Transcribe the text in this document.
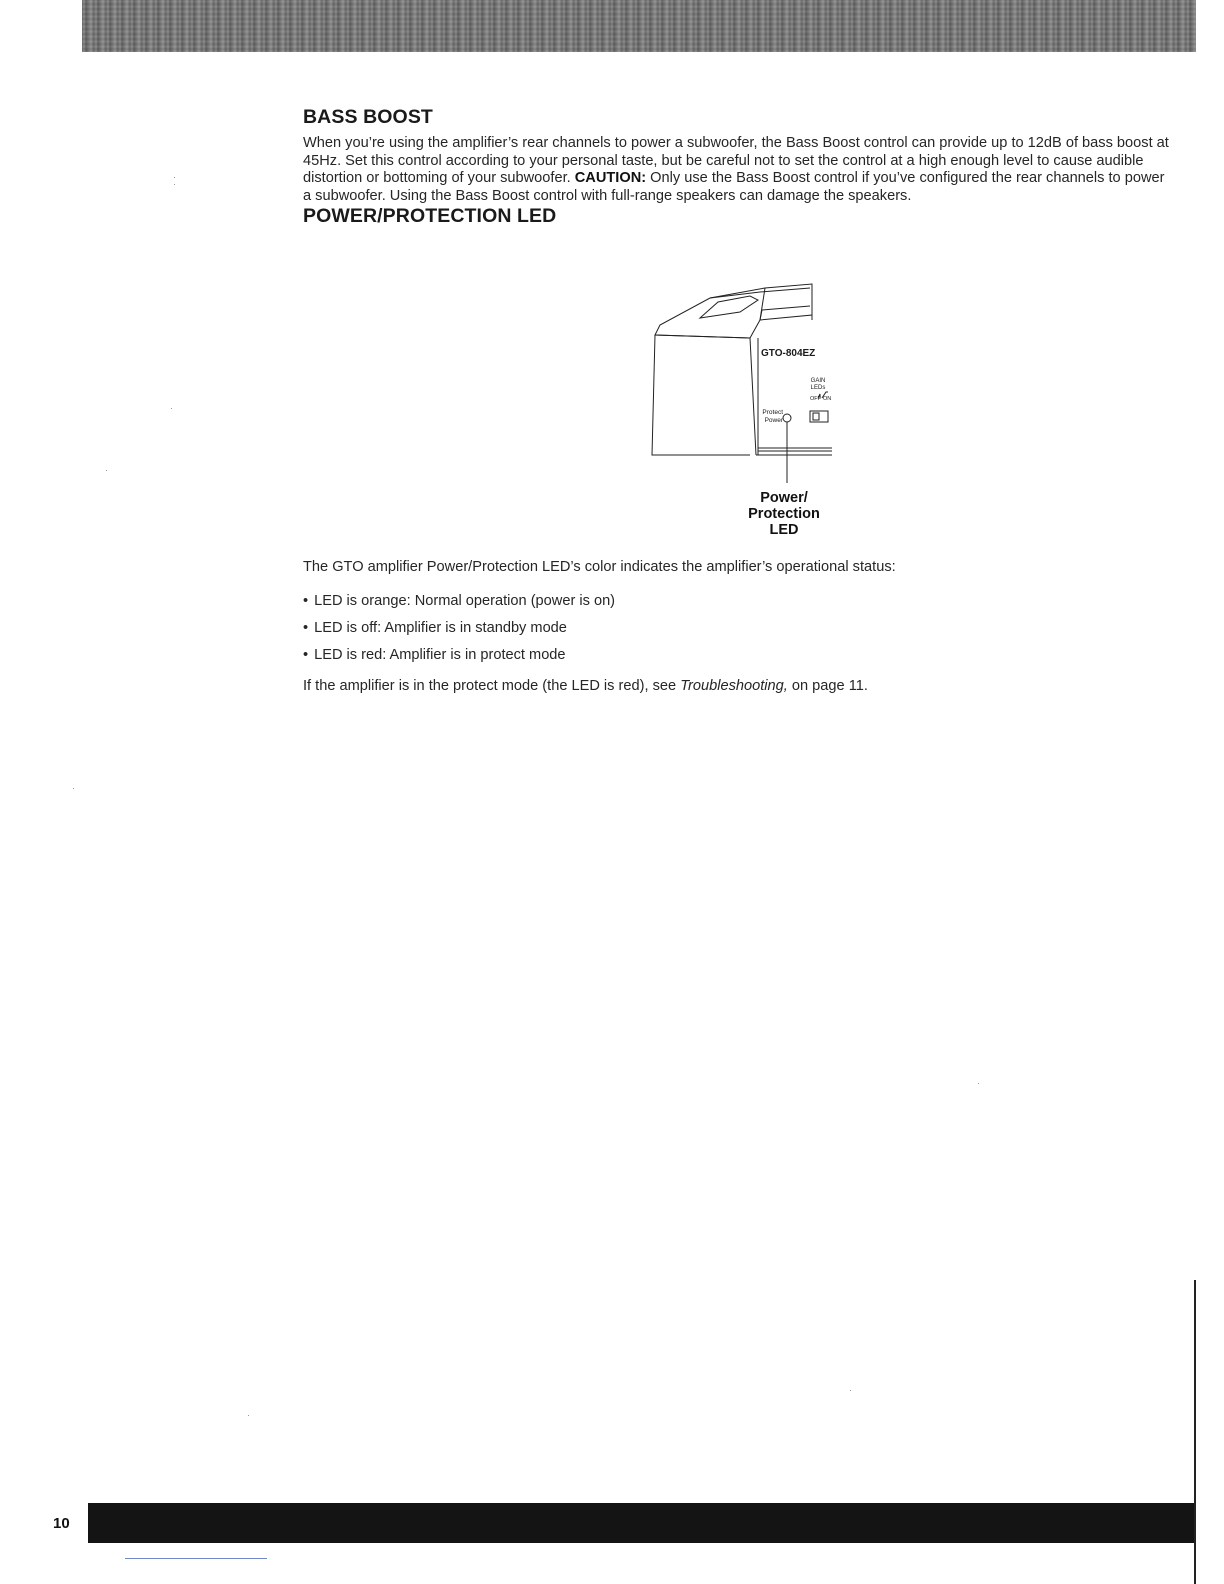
BASS BOOST

When you’re using the amplifier’s rear channels to power a subwoofer, the Bass Boost control can provide up to 12dB of bass boost at 45Hz. Set this control according to your personal taste, but be careful not to set the control at a high enough level to cause audible distortion or bottoming of your subwoofer. CAUTION: Only use the Bass Boost control if you’ve configured the rear channels to power a subwoofer. Using the Bass Boost control with full-range speakers can damage the speakers.

POWER/PROTECTION LED
GTO-804EZ
GAIN LEDs
OFF ON
Protect
Power
Power/
Protection
LED
The GTO amplifier Power/Protection LED’s color indicates the amplifier’s operational status:
• LED is orange: Normal operation (power is on)
• LED is off: Amplifier is in standby mode
• LED is red: Amplifier is in protect mode
If the amplifier is in the protect mode (the LED is red), see Troubleshooting, on page 11.
10
